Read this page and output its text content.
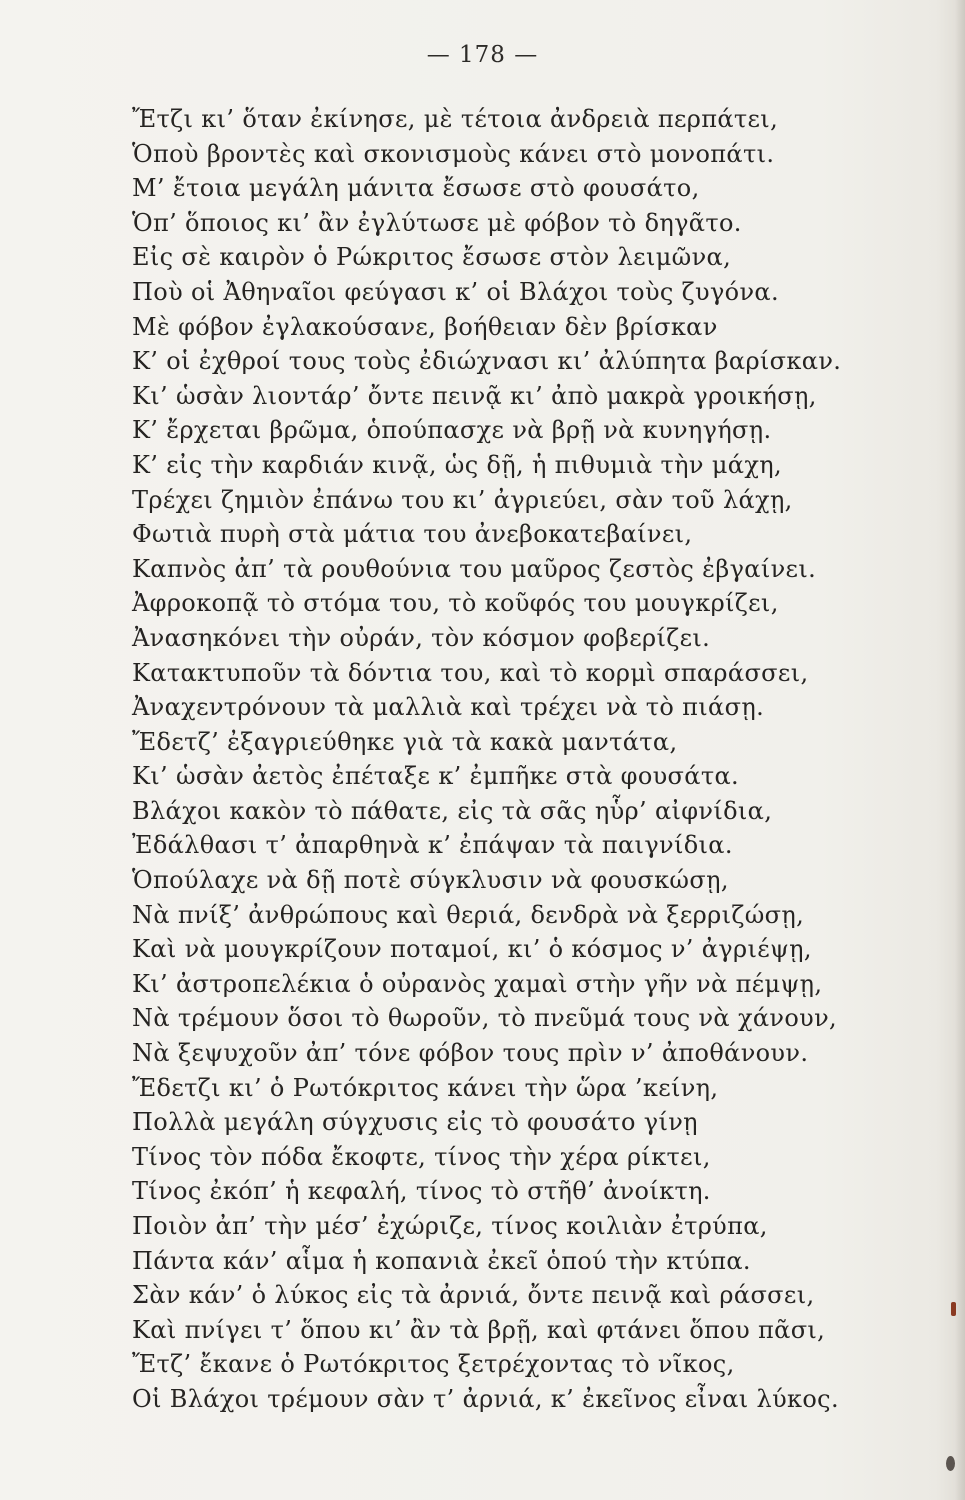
— 178 —
Ἔτζι κι’ ὅταν ἐκίνησε, μὲ τέτοια ἀνδρειὰ περπάτει,
Ὁποὺ βροντὲς καὶ σκονισμοὺς κάνει στὸ μονοπάτι.
Μ’ ἔτοια μεγάλη μάνιτα ἔσωσε στὸ φουσάτο,
Ὁπ’ ὅποιος κι’ ἂν ἐγλύτωσε μὲ φόβον τὸ δηγᾶτο.
Εἰς σὲ καιρὸν ὁ Ρώκριτος ἔσωσε στὸν λειμῶνα,
Ποὺ οἱ Ἀθηναῖοι φεύγασι κ’ οἱ Βλάχοι τοὺς ζυγόνα.
Μὲ φόβον ἐγλακούσανε, βοήθειαν δὲν βρίσκαν
Κ’ οἱ ἐχθροί τους τοὺς ἐδιώχνασι κι’ ἀλύπητα βαρίσκαν.
Κι’ ὡσὰν λιοντάρ’ ὄντε πεινᾷ κι’ ἀπὸ μακρὰ γροικήσῃ,
Κ’ ἔρχεται βρῶμα, ὁπούπασχε νὰ βρῇ νὰ κυνηγήσῃ.
Κ’ εἰς τὴν καρδιάν κινᾷ, ὡς δῇ, ἡ πιθυμιὰ τὴν μάχη,
Τρέχει ζημιὸν ἐπάνω του κι’ ἀγριεύει, σὰν τοῦ λάχῃ,
Φωτιὰ πυρὴ στὰ μάτια του ἀνεβοκατεβαίνει,
Καπνὸς ἀπ’ τὰ ρουθούνια του μαῦρος ζεστὸς ἐβγαίνει.
Ἀφροκοπᾷ τὸ στόμα του, τὸ κοῦφός του μουγκρίζει,
Ἀνασηκόνει τὴν οὐράν, τὸν κόσμον φοβερίζει.
Κατακτυποῦν τὰ δόντια του, καὶ τὸ κορμὶ σπαράσσει,
Ἀναχεντρόνουν τὰ μαλλιὰ καὶ τρέχει νὰ τὸ πιάσῃ.
Ἔδετζ’ ἐξαγριεύθηκε γιὰ τὰ κακὰ μαντάτα,
Κι’ ὡσὰν ἀετὸς ἐπέταξε κ’ ἐμπῆκε στὰ φουσάτα.
Βλάχοι κακὸν τὸ πάθατε, εἰς τὰ σᾶς ηὗρ’ αἰφνίδια,
Ἐδάλθασι τ’ ἀπαρθηνὰ κ’ ἐπάψαν τὰ παιγνίδια.
Ὁπούλαχε νὰ δῇ ποτὲ σύγκλυσιν νὰ φουσκώσῃ,
Νὰ πνίξ’ ἀνθρώπους καὶ θεριά, δενδρὰ νὰ ξερριζώσῃ,
Καὶ νὰ μουγκρίζουν ποταμοί, κι’ ὁ κόσμος ν’ ἀγριέψῃ,
Κι’ ἀστροπελέκια ὁ οὐρανὸς χαμαὶ στὴν γῆν νὰ πέμψῃ,
Νὰ τρέμουν ὅσοι τὸ θωροῦν, τὸ πνεῦμά τους νὰ χάνουν,
Νὰ ξεψυχοῦν ἀπ’ τόνε φόβον τους πρὶν ν’ ἀποθάνουν.
Ἔδετζι κι’ ὁ Ρωτόκριτος κάνει τὴν ὥρα ’κείνη,
Πολλὰ μεγάλη σύγχυσις εἰς τὸ φουσάτο γίνῃ
Τίνος τὸν πόδα ἔκοφτε, τίνος τὴν χέρα ρίκτει,
Τίνος ἐκόπ’ ἡ κεφαλή, τίνος τὸ στῆθ’ ἀνοίκτη.
Ποιὸν ἀπ’ τὴν μέσ’ ἐχώριζε, τίνος κοιλιὰν ἐτρύπα,
Πάντα κάν’ αἷμα ἡ κοπανιὰ ἐκεῖ ὁπού τὴν κτύπα.
Σὰν κάν’ ὁ λύκος εἰς τὰ ἀρνιά, ὄντε πεινᾷ καὶ ράσσει,
Καὶ πνίγει τ’ ὅπου κι’ ἂν τὰ βρῇ, καὶ φτάνει ὅπου πᾶσι,
Ἔτζ’ ἔκανε ὁ Ρωτόκριτος ξετρέχοντας τὸ νῖκος,
Οἱ Βλάχοι τρέμουν σὰν τ’ ἀρνιά, κ’ ἐκεῖνος εἶναι λύκος.
